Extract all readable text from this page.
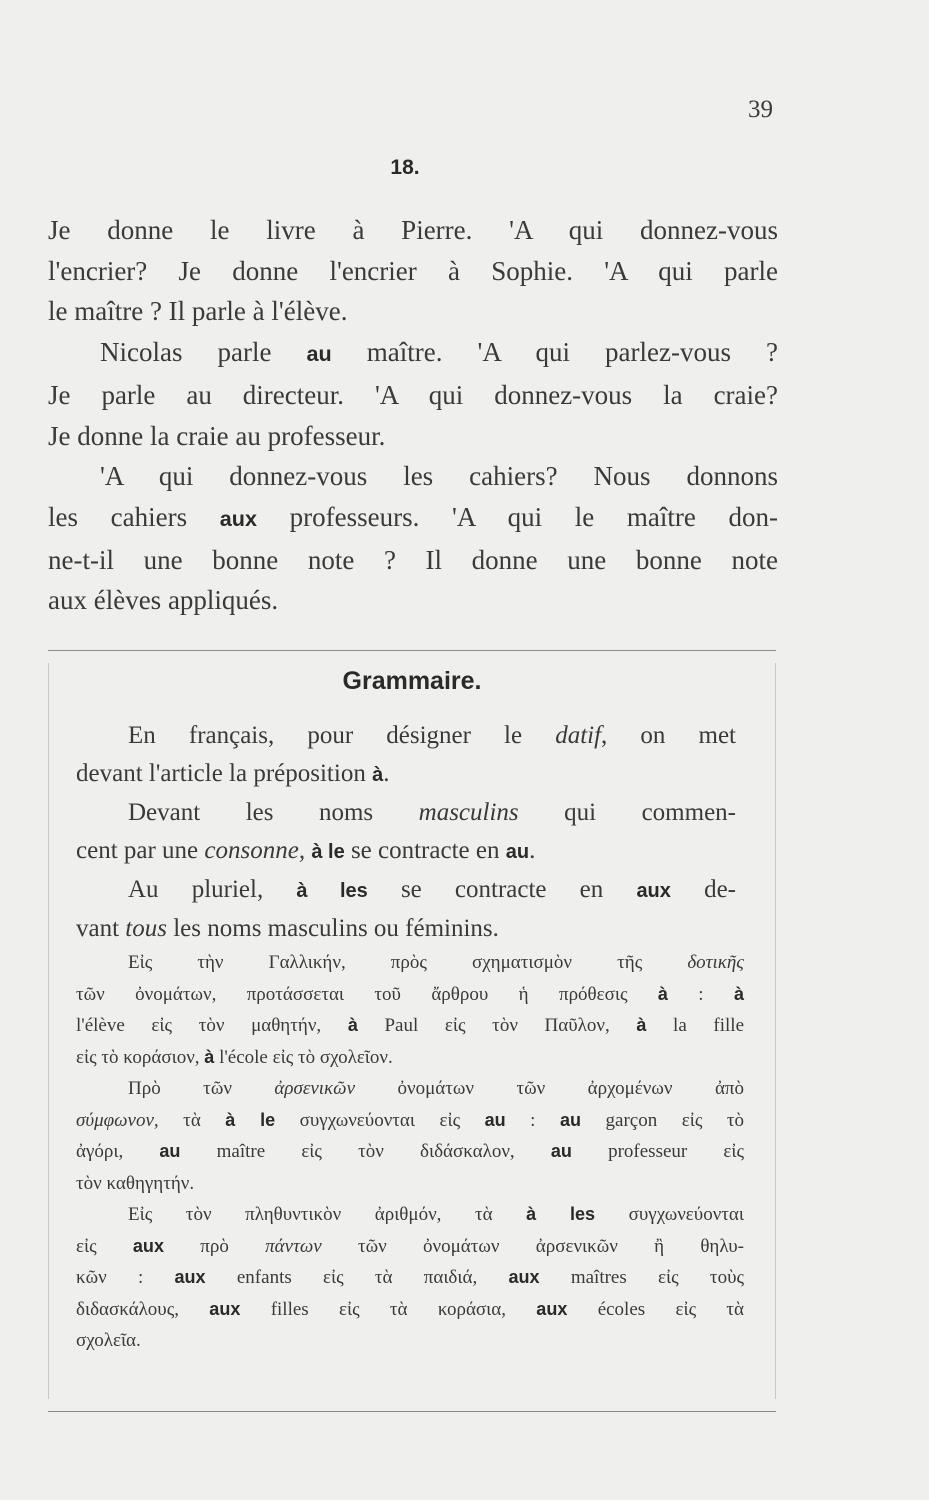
39
18.
Je donne le livre à Pierre. 'A qui donnez-vous
l'encrier? Je donne l'encrier à Sophie. 'A qui parle
le maître ? Il parle à l'élève.
Nicolas parle au maître. 'A qui parlez-vous ?
Je parle au directeur. 'A qui donnez-vous la craie?
Je donne la craie au professeur.
'A qui donnez-vous les cahiers? Nous donnons
les cahiers aux professeurs. 'A qui le maître don-
ne-t-il une bonne note ? Il donne une bonne note
aux élèves appliqués.
Grammaire.
En français, pour désigner le datif, on met
devant l'article la préposition à.
Devant les noms masculins qui commen-
cent par une consonne, à le se contracte en au.
Au pluriel, à les se contracte en aux de-
vant tous les noms masculins ou féminins.
Εἰς τὴν Γαλλικήν, πρὸς σχηματισμὸν τῆς δοτικῆς
τῶν ὀνομάτων, προτάσσεται τοῦ ἄρθρου ἡ πρόθεσις à : à
l'élève εἰς τὸν μαθητήν, à Paul εἰς τὸν Παῦλον, à la fille
εἰς τὸ κοράσιον, à l'école εἰς τὸ σχολεῖον.
Πρὸ τῶν ἀρσενικῶν ὀνομάτων τῶν ἀρχομένων ἀπὸ
σύμφωνον, τὰ à le συγχωνεύονται εἰς au : au garçon εἰς τὸ
ἀγόρι, au maître εἰς τὸν διδάσκαλον, au professeur εἰς
τὸν καθηγητήν.
Εἰς τὸν πληθυντικὸν ἀριθμόν, τὰ à les συγχωνεύονται
εἰς aux πρὸ πάντων τῶν ὀνομάτων ἀρσενικῶν ἢ θηλυ-
κῶν : aux enfants εἰς τὰ παιδιά, aux maîtres εἰς τοὺς
διδασκάλους, aux filles εἰς τὰ κοράσια, aux écoles εἰς τὰ
σχολεῖα.
